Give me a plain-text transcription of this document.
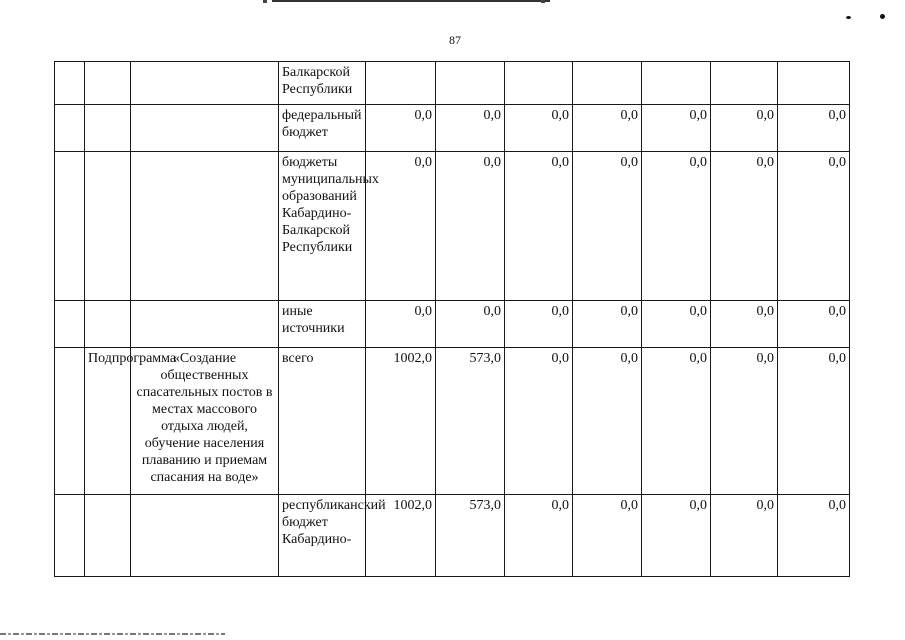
87
			Балкарской Республики							
			федеральный бюджет	0,0	0,0	0,0	0,0	0,0	0,0	0,0
			бюджеты муниципальных образований Кабардино-Балкарской Республики	0,0	0,0	0,0	0,0	0,0	0,0	0,0
			иные источники	0,0	0,0	0,0	0,0	0,0	0,0	0,0
	Подпрограмма	«Создание общественных спасательных постов в местах массового отдыха людей, обучение населения плаванию и приемам спасания на воде»	всего	1002,0	573,0	0,0	0,0	0,0	0,0	0,0
			республиканский бюджет Кабардино-	1002,0	573,0	0,0	0,0	0,0	0,0	0,0
